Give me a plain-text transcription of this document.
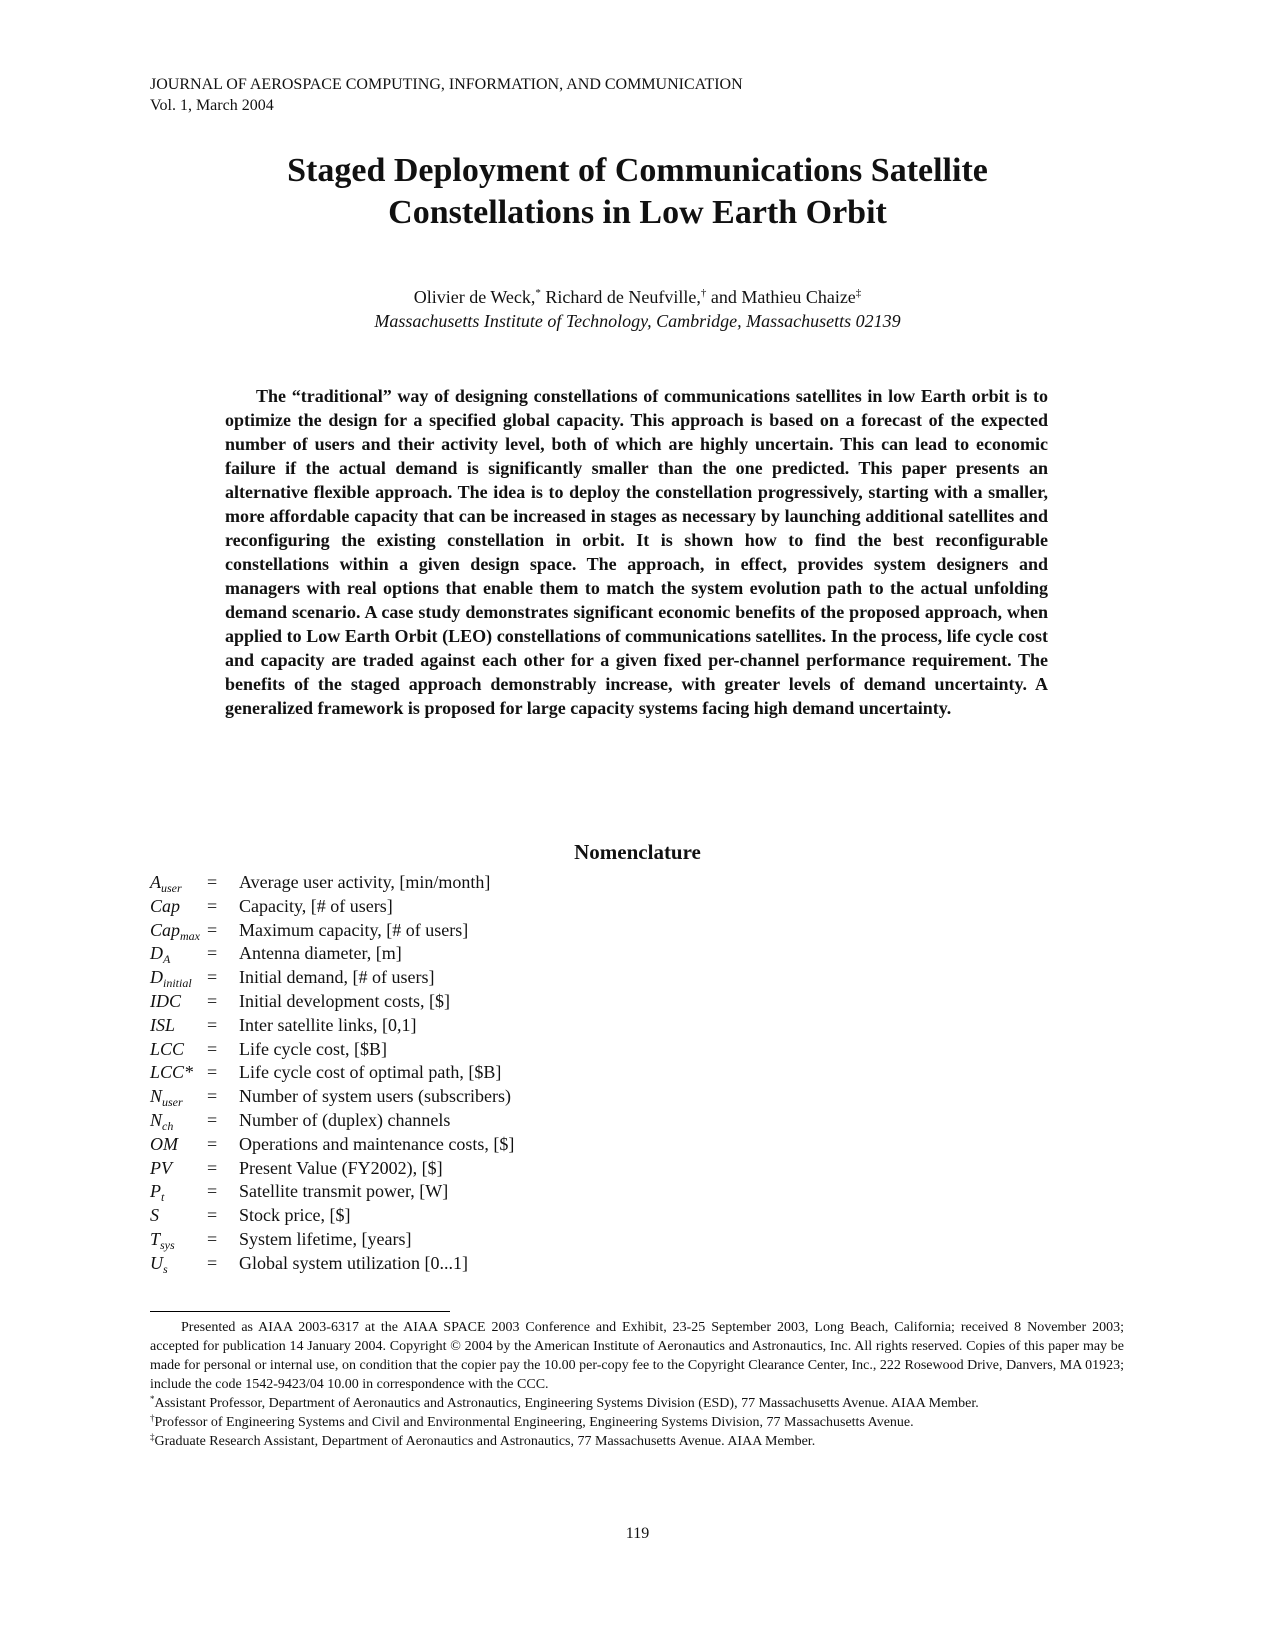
JOURNAL OF AEROSPACE COMPUTING, INFORMATION, AND COMMUNICATION
Vol. 1, March 2004
Staged Deployment of Communications Satellite
Constellations in Low Earth Orbit
Olivier de Weck,* Richard de Neufville,† and Mathieu Chaize‡
Massachusetts Institute of Technology, Cambridge, Massachusetts 02139
The “traditional” way of designing constellations of communications satellites in low Earth orbit is to optimize the design for a specified global capacity. This approach is based on a forecast of the expected number of users and their activity level, both of which are highly uncertain. This can lead to economic failure if the actual demand is significantly smaller than the one predicted. This paper presents an alternative flexible approach. The idea is to deploy the constellation progressively, starting with a smaller, more affordable capacity that can be increased in stages as necessary by launching additional satellites and reconfiguring the existing constellation in orbit. It is shown how to find the best reconfigurable constellations within a given design space. The approach, in effect, provides system designers and managers with real options that enable them to match the system evolution path to the actual unfolding demand scenario. A case study demonstrates significant economic benefits of the proposed approach, when applied to Low Earth Orbit (LEO) constellations of communications satellites. In the process, life cycle cost and capacity are traded against each other for a given fixed per-channel performance requirement. The benefits of the staged approach demonstrably increase, with greater levels of demand uncertainty. A generalized framework is proposed for large capacity systems facing high demand uncertainty.
Nomenclature
$A_{user}$ = Average user activity, [min/month]
Cap = Capacity, [# of users]
Cap$_{max}$ = Maximum capacity, [# of users]
$D_A$ = Antenna diameter, [m]
$D_{initial}$ = Initial demand, [# of users]
IDC = Initial development costs, [$]
ISL = Inter satellite links, [0,1]
LCC = Life cycle cost, [$B]
LCC* = Life cycle cost of optimal path, [$B]
$N_{user}$ = Number of system users (subscribers)
$N_{ch}$ = Number of (duplex) channels
OM = Operations and maintenance costs, [$]
PV = Present Value (FY2002), [$]
$P_t$ = Satellite transmit power, [W]
S	= Stock price, [$]
$T_{sys}$ = System lifetime, [years]
$U_s$ = Global system utilization [0...1]

Presented as AIAA 2003-6317 at the AIAA SPACE 2003 Conference and Exhibit, 23-25 September 2003, Long Beach, California; received 8 November 2003; accepted for publication 14 January 2004. Copyright © 2004 by the American Institute of Aeronautics and Astronautics, Inc. All rights reserved. Copies of this paper may be made for personal or internal use, on condition that the copier pay the 10.00 per-copy fee to the Copyright Clearance Center, Inc., 222 Rosewood Drive, Danvers, MA 01923; include the code 1542-9423/04 10.00 in correspondence with the CCC.

*Assistant Professor, Department of Aeronautics and Astronautics, Engineering Systems Division (ESD), 77 Massachusetts Avenue. AIAA Member.

†Professor of Engineering Systems and Civil and Environmental Engineering, Engineering Systems Division, 77 Massachusetts Avenue.

‡Graduate Research Assistant, Department of Aeronautics and Astronautics, 77 Massachusetts Avenue. AIAA Member.

119
